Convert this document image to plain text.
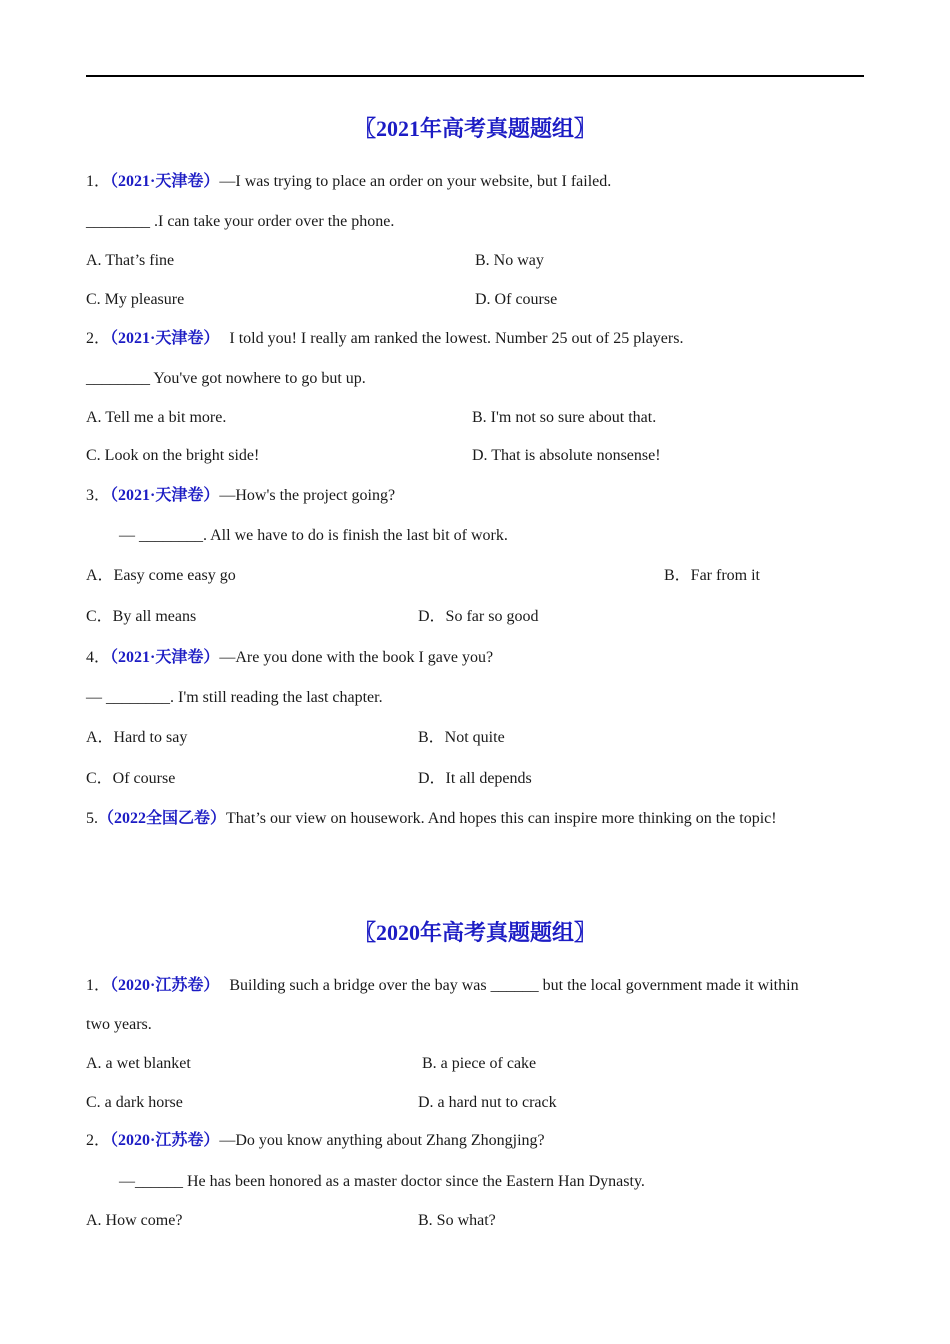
〖2021年高考真题题组〗
1．（2021·天津卷）—I was trying to place an order on your website, but I failed.
________ .I can take your order over the phone.
A. That’s fine	B. No way
C. My pleasure	D. Of course
2．（2021·天津卷） I told you! I really am ranked the lowest. Number 25 out of 25 players.
________ You've got nowhere to go but up.
A. Tell me a bit more.	B. I'm not so sure about that.
C. Look on the bright side!	D. That is absolute nonsense!
3．（2021·天津卷）—How's the project going?
— ________. All we have to do is finish the last bit of work.
A．Easy come easy go	B．Far from it
C．By all means	D．So far so good
4．（2021·天津卷）—Are you done with the book I gave you?
— ________. I'm still reading the last chapter.
A．Hard to say	B．Not quite
C．Of course	D．It all depends
5.（2022全国乙卷）That’s our view on housework. And hopes this can inspire more thinking on the topic!
〖2020年高考真题题组〗
1．（2020·江苏卷） Building such a bridge over the bay was ______ but the local government made it within
two years.
A. a wet blanket	B. a piece of cake
C. a dark horse	D. a hard nut to crack
2．（2020·江苏卷）—Do you know anything about Zhang Zhongjing?
—______ He has been honored as a master doctor since the Eastern Han Dynasty.
A. How come?	B. So what?
